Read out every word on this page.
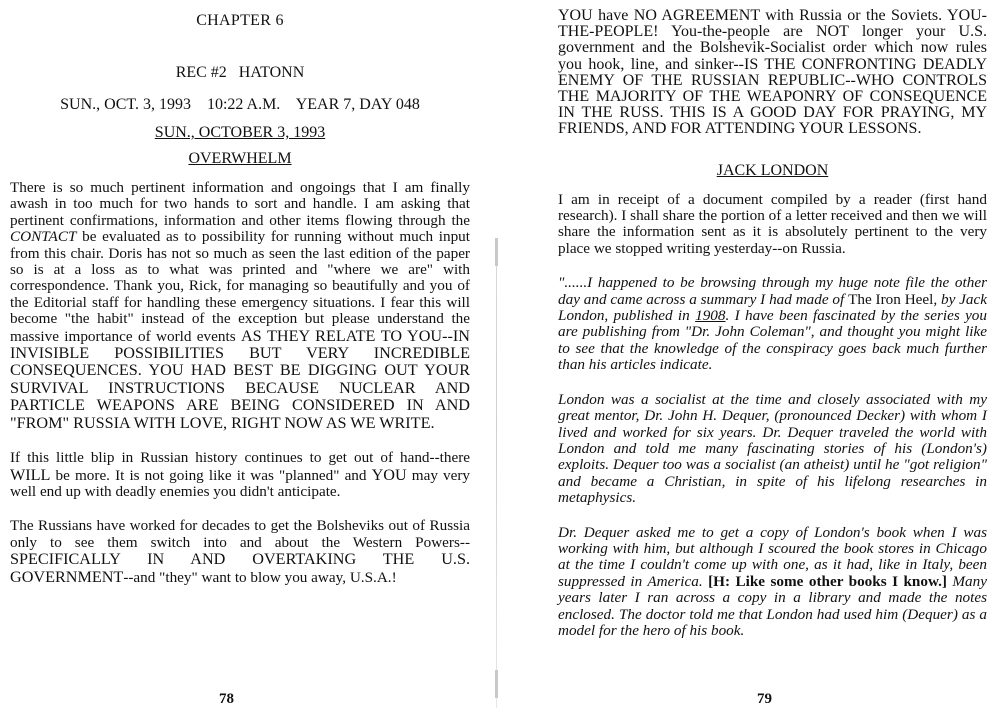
CHAPTER 6
REC #2   HATONN
SUN., OCT. 3, 1993    10:22 A.M.    YEAR 7, DAY 048
SUN., OCTOBER 3, 1993
OVERWHELM

There is so much pertinent information and ongoings that I am finally awash in too much for two hands to sort and handle. I am asking that pertinent confirmations, information and other items flowing through the CONTACT be evaluated as to possibility for running without much input from this chair. Doris has not so much as seen the last edition of the paper so is at a loss as to what was printed and "where we are" with correspondence. Thank you, Rick, for managing so beautifully and you of the Editorial staff for handling these emergency situations. I fear this will become "the habit" instead of the exception but please understand the massive importance of world events AS THEY RELATE TO YOU--IN INVISIBLE POSSIBILITIES BUT VERY INCREDIBLE CONSEQUENCES. YOU HAD BEST BE DIGGING OUT YOUR SURVIVAL INSTRUCTIONS BECAUSE NUCLEAR AND PARTICLE WEAPONS ARE BEING CONSIDERED IN AND "FROM" RUSSIA WITH LOVE, RIGHT NOW AS WE WRITE.

If this little blip in Russian history continues to get out of hand--there WILL be more. It is not going like it was "planned" and YOU may very well end up with deadly enemies you didn't anticipate.

The Russians have worked for decades to get the Bolsheviks out of Russia only to see them switch into and about the Western Powers--SPECIFICALLY IN AND OVERTAKING THE U.S. GOVERNMENT--and "they" want to blow you away, U.S.A.!

78

YOU have NO AGREEMENT with Russia or the Soviets. YOU-THE-PEOPLE! You-the-people are NOT longer your U.S. government and the Bolshevik-Socialist order which now rules you hook, line, and sinker--IS THE CONFRONTING DEADLY ENEMY OF THE RUSSIAN REPUBLIC--WHO CONTROLS THE MAJORITY OF THE WEAPONRY OF CONSEQUENCE IN THE RUSS. THIS IS A GOOD DAY FOR PRAYING, MY FRIENDS, AND FOR ATTENDING YOUR LESSONS.

JACK LONDON

I am in receipt of a document compiled by a reader (first hand research). I shall share the portion of a letter received and then we will share the information sent as it is absolutely pertinent to the very place we stopped writing yesterday--on Russia.

"......I happened to be browsing through my huge note file the other day and came across a summary I had made of The Iron Heel, by Jack London, published in 1908. I have been fascinated by the series you are publishing from "Dr. John Coleman", and thought you might like to see that the knowledge of the conspiracy goes back much further than his articles indicate.

London was a socialist at the time and closely associated with my great mentor, Dr. John H. Dequer, (pronounced Decker) with whom I lived and worked for six years. Dr. Dequer traveled the world with London and told me many fascinating stories of his (London's) exploits. Dequer too was a socialist (an atheist) until he "got religion" and became a Christian, in spite of his lifelong researches in metaphysics.

Dr. Dequer asked me to get a copy of London's book when I was working with him, but although I scoured the book stores in Chicago at the time I couldn't come up with one, as it had, like in Italy, been suppressed in America. [H: Like some other books I know.] Many years later I ran across a copy in a library and made the notes enclosed. The doctor told me that London had used him (Dequer) as a model for the hero of his book.

79
